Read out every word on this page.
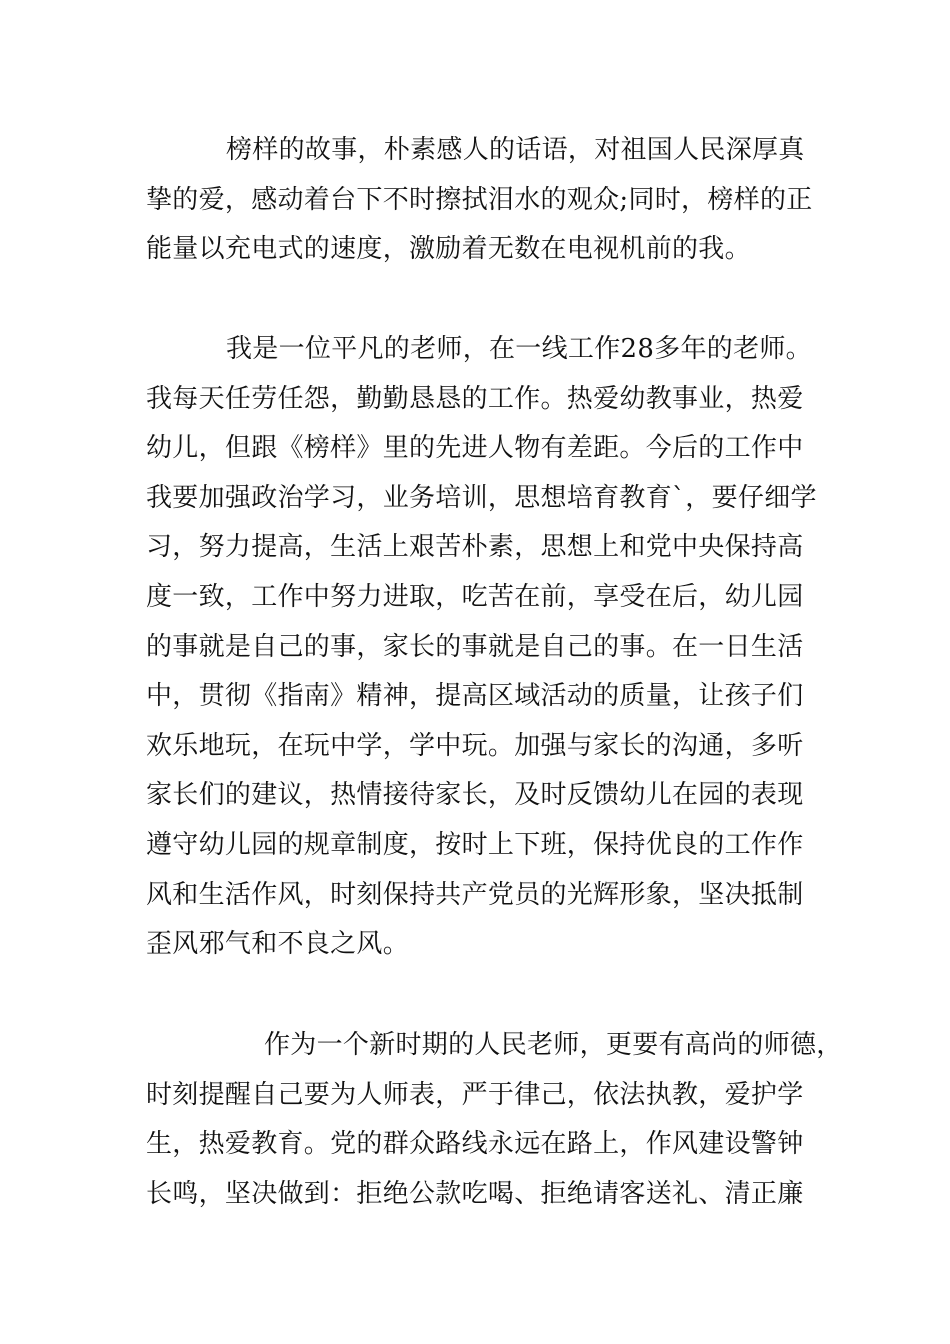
榜样的故事，朴素感人的话语，对祖国人民深厚真
挚的爱，感动着台下不时擦拭泪水的观众;同时，榜样的正
能量以充电式的速度，激励着无数在电视机前的我。
我是一位平凡的老师，在一线工作28多年的老师。
我每天任劳任怨，勤勤恳恳的工作。热爱幼教事业，热爱
幼儿，但跟《榜样》里的先进人物有差距。今后的工作中
我要加强政治学习，业务培训，思想培育教育`，要仔细学
习，努力提高，生活上艰苦朴素，思想上和党中央保持高
度一致，工作中努力进取，吃苦在前，享受在后，幼儿园
的事就是自己的事，家长的事就是自己的事。在一日生活
中，贯彻《指南》精神，提高区域活动的质量，让孩子们
欢乐地玩，在玩中学，学中玩。加强与家长的沟通，多听
家长们的建议，热情接待家长，及时反馈幼儿在园的表现
遵守幼儿园的规章制度，按时上下班，保持优良的工作作
风和生活作风，时刻保持共产党员的光辉形象，坚决抵制
歪风邪气和不良之风。
作为一个新时期的人民老师，更要有高尚的师德，
时刻提醒自己要为人师表，严于律己，依法执教，爱护学
生，热爱教育。党的群众路线永远在路上，作风建设警钟
长鸣，坚决做到：拒绝公款吃喝、拒绝请客送礼、清正廉
